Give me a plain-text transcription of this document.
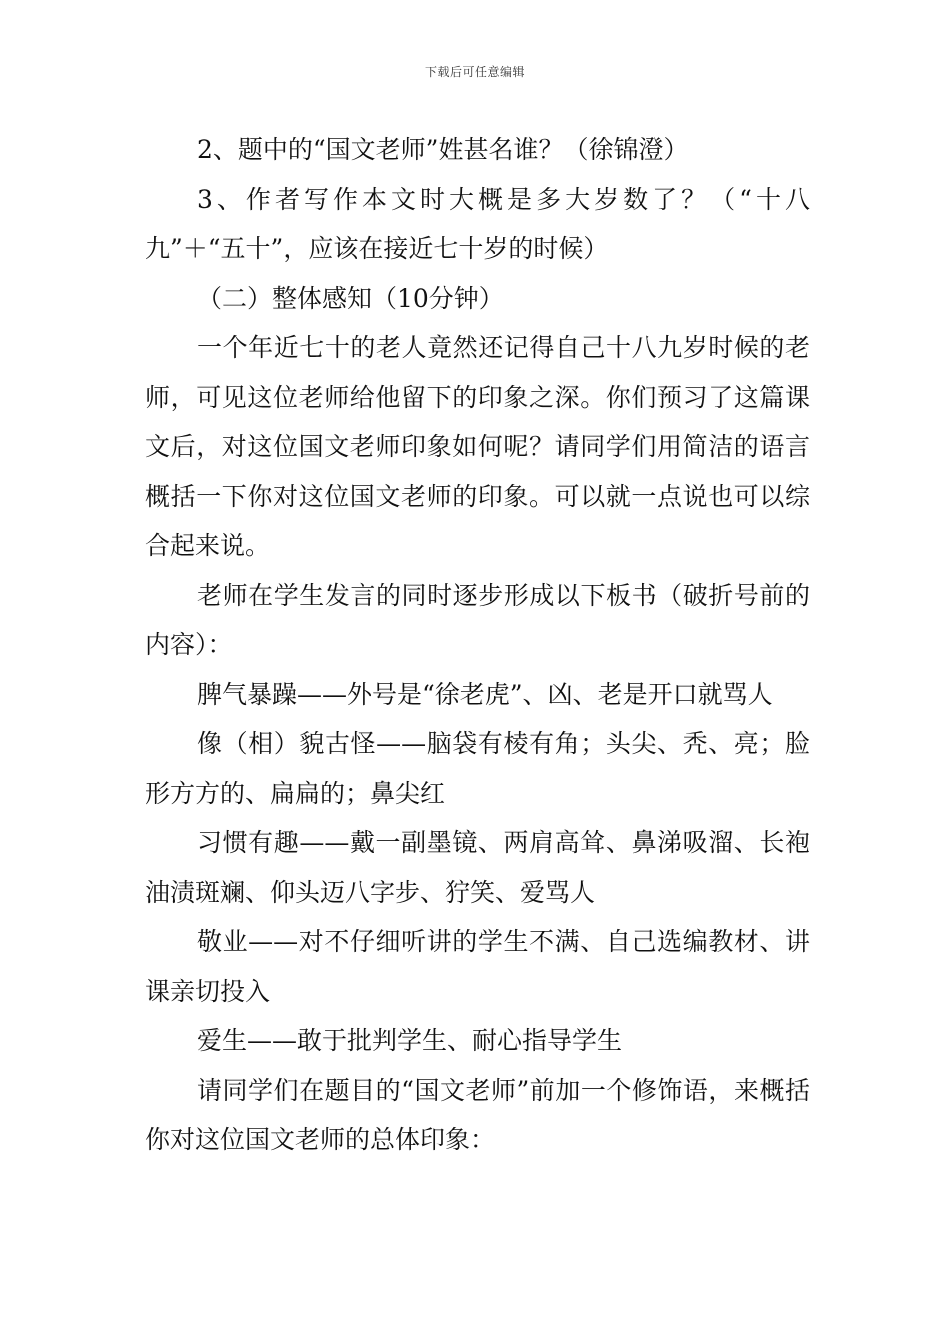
下载后可任意编辑

2、题中的“国文老师”姓甚名谁？（徐锦澄）

3、作者写作本文时大概是多大岁数了？（“十八九”＋“五十”，应该在接近七十岁的时候）

（二）整体感知（10分钟）

一个年近七十的老人竟然还记得自己十八九岁时候的老师，可见这位老师给他留下的印象之深。你们预习了这篇课文后，对这位国文老师印象如何呢？请同学们用简洁的语言概括一下你对这位国文老师的印象。可以就一点说也可以综合起来说。

老师在学生发言的同时逐步形成以下板书（破折号前的内容）：

脾气暴躁——外号是“徐老虎”、凶、老是开口就骂人

像（相）貌古怪——脑袋有棱有角；头尖、秃、亮；脸形方方的、扁扁的；鼻尖红

习惯有趣——戴一副墨镜、两肩高耸、鼻涕吸溜、长袍油渍斑斓、仰头迈八字步、狞笑、爱骂人

敬业——对不仔细听讲的学生不满、自己选编教材、讲课亲切投入

爱生——敢于批判学生、耐心指导学生

请同学们在题目的“国文老师”前加一个修饰语，来概括你对这位国文老师的总体印象：
